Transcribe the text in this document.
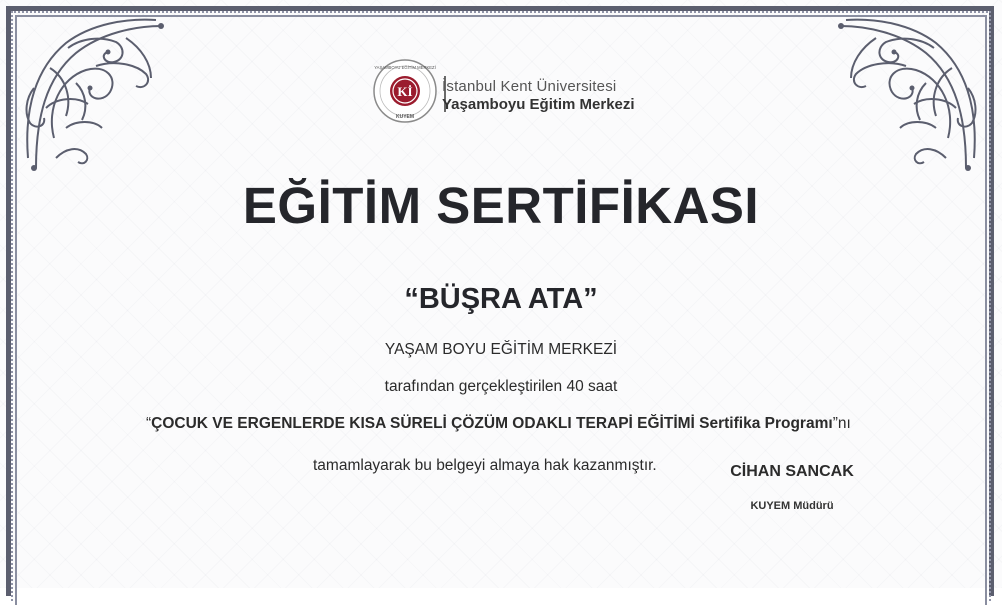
Kİ
YAŞAMBOYU EĞİTİM MERKEZİ
KUYEM
İstanbul Kent Üniversitesi
Yaşamboyu Eğitim Merkezi
EĞİTİM SERTİFİKASI
“BÜŞRA ATA”
YAŞAM BOYU EĞİTİM MERKEZİ
tarafından gerçekleştirilen 40 saat
“ÇOCUK VE ERGENLERDE KISA SÜRELİ ÇÖZÜM ODAKLI TERAPİ EĞİTİMİ Sertifika Programı”nı
tamamlayarak bu belgeyi almaya hak kazanmıştır.	CİHAN SANCAK
KUYEM Müdürü
